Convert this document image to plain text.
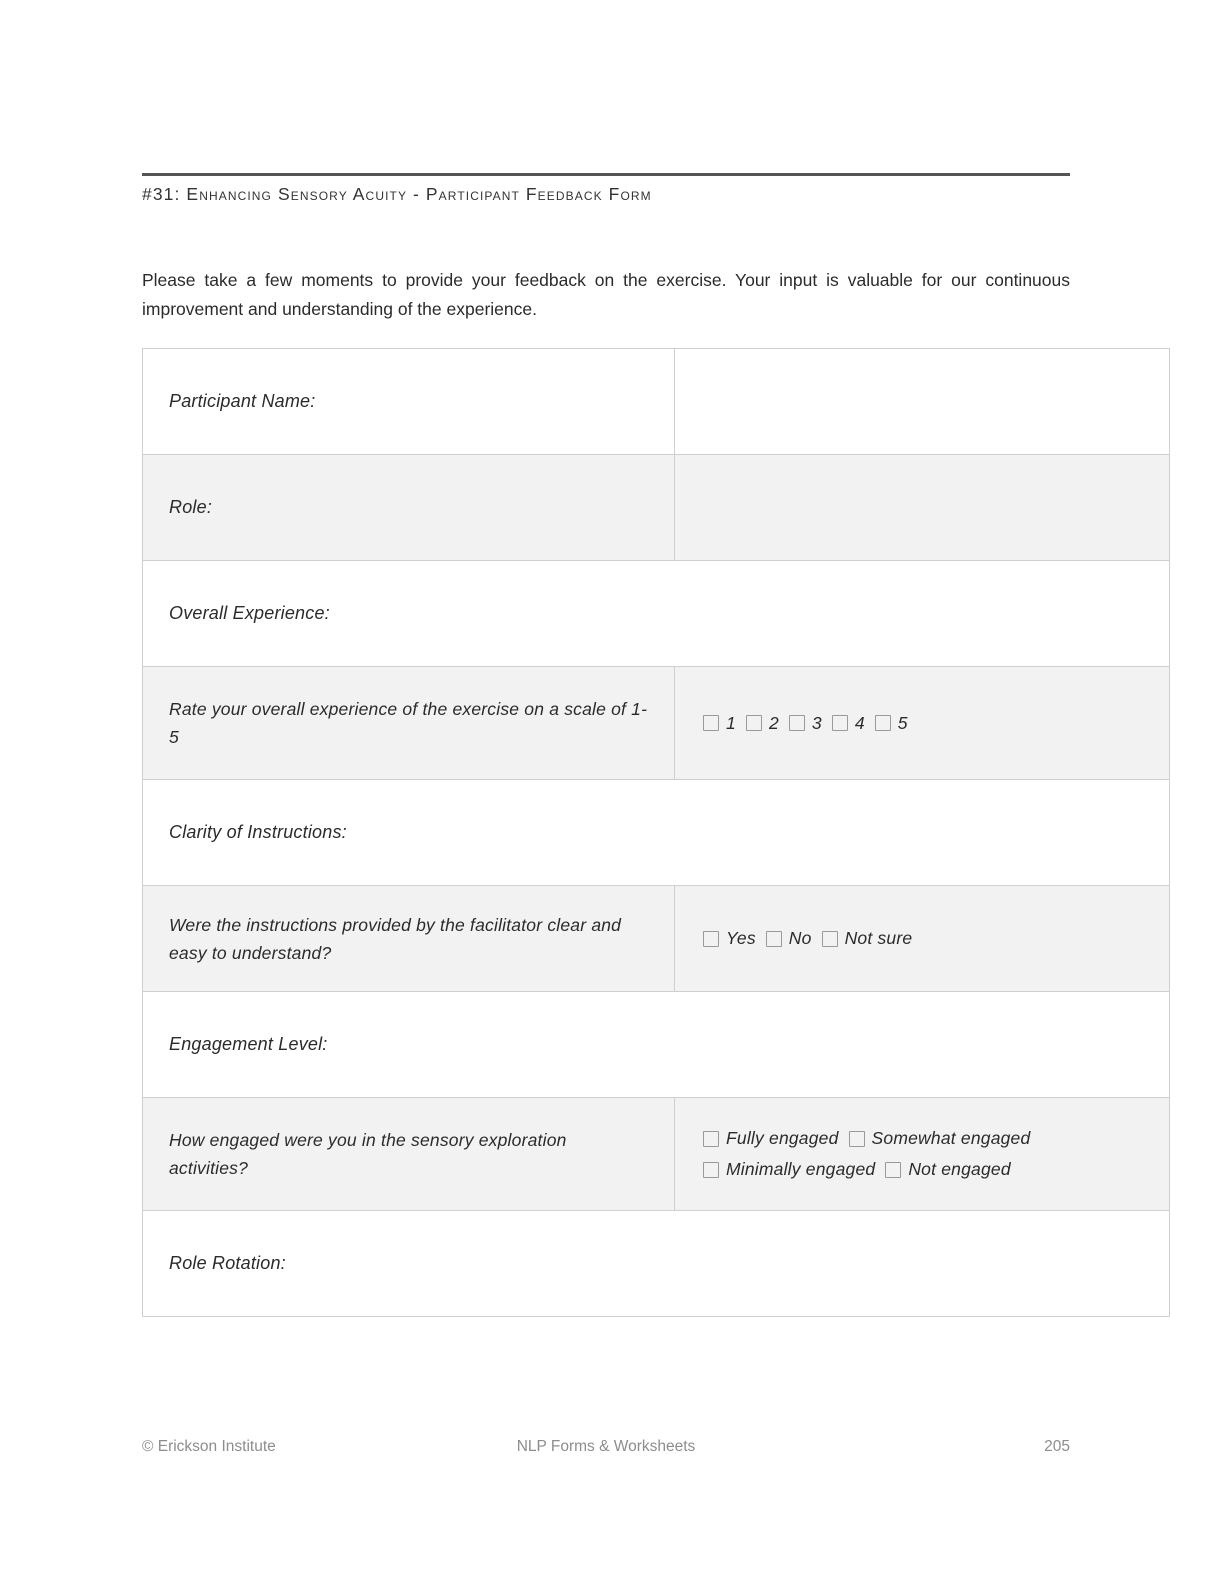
#31: Enhancing Sensory Acuity - Participant Feedback Form
Please take a few moments to provide your feedback on the exercise. Your input is valuable for our continuous improvement and understanding of the experience.
Participant Name:	
Role:	
Overall Experience:	
Rate your overall experience of the exercise on a scale of 1-5	1 2 3 4 5

Clarity of Instructions:	
Were the instructions provided by the facilitator clear and easy to understand?	Yes No Not sure

Engagement Level:	
How engaged were you in the sensory exploration activities?	Fully engaged Somewhat engaged
Minimally engaged Not engaged

Role Rotation:	
© Erickson Institute	NLP Forms & Worksheets	205
